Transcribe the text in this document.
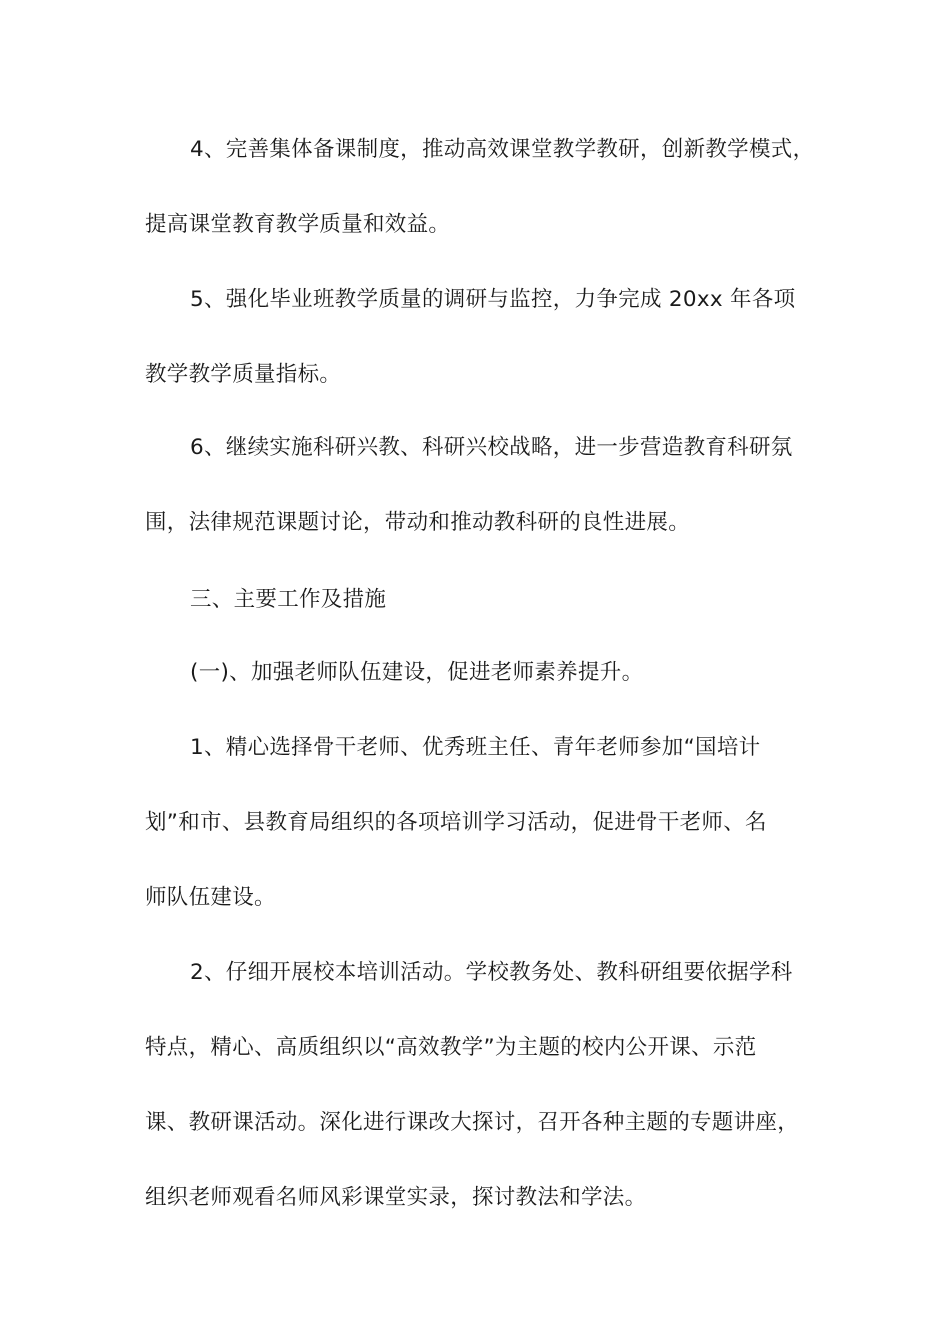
4、完善集体备课制度，推动高效课堂教学教研，创新教学模式，
提高课堂教育教学质量和效益。
5、强化毕业班教学质量的调研与监控，力争完成 20xx 年各项
教学教学质量指标。
6、继续实施科研兴教、科研兴校战略，进一步营造教育科研氛
围，法律规范课题讨论，带动和推动教科研的良性进展。
三、主要工作及措施
(一)、加强老师队伍建设，促进老师素养提升。
1、精心选择骨干老师、优秀班主任、青年老师参加“国培计
划”和市、县教育局组织的各项培训学习活动，促进骨干老师、名
师队伍建设。
2、仔细开展校本培训活动。学校教务处、教科研组要依据学科
特点，精心、高质组织以“高效教学”为主题的校内公开课、示范
课、教研课活动。深化进行课改大探讨，召开各种主题的专题讲座，
组织老师观看名师风彩课堂实录，探讨教法和学法。
